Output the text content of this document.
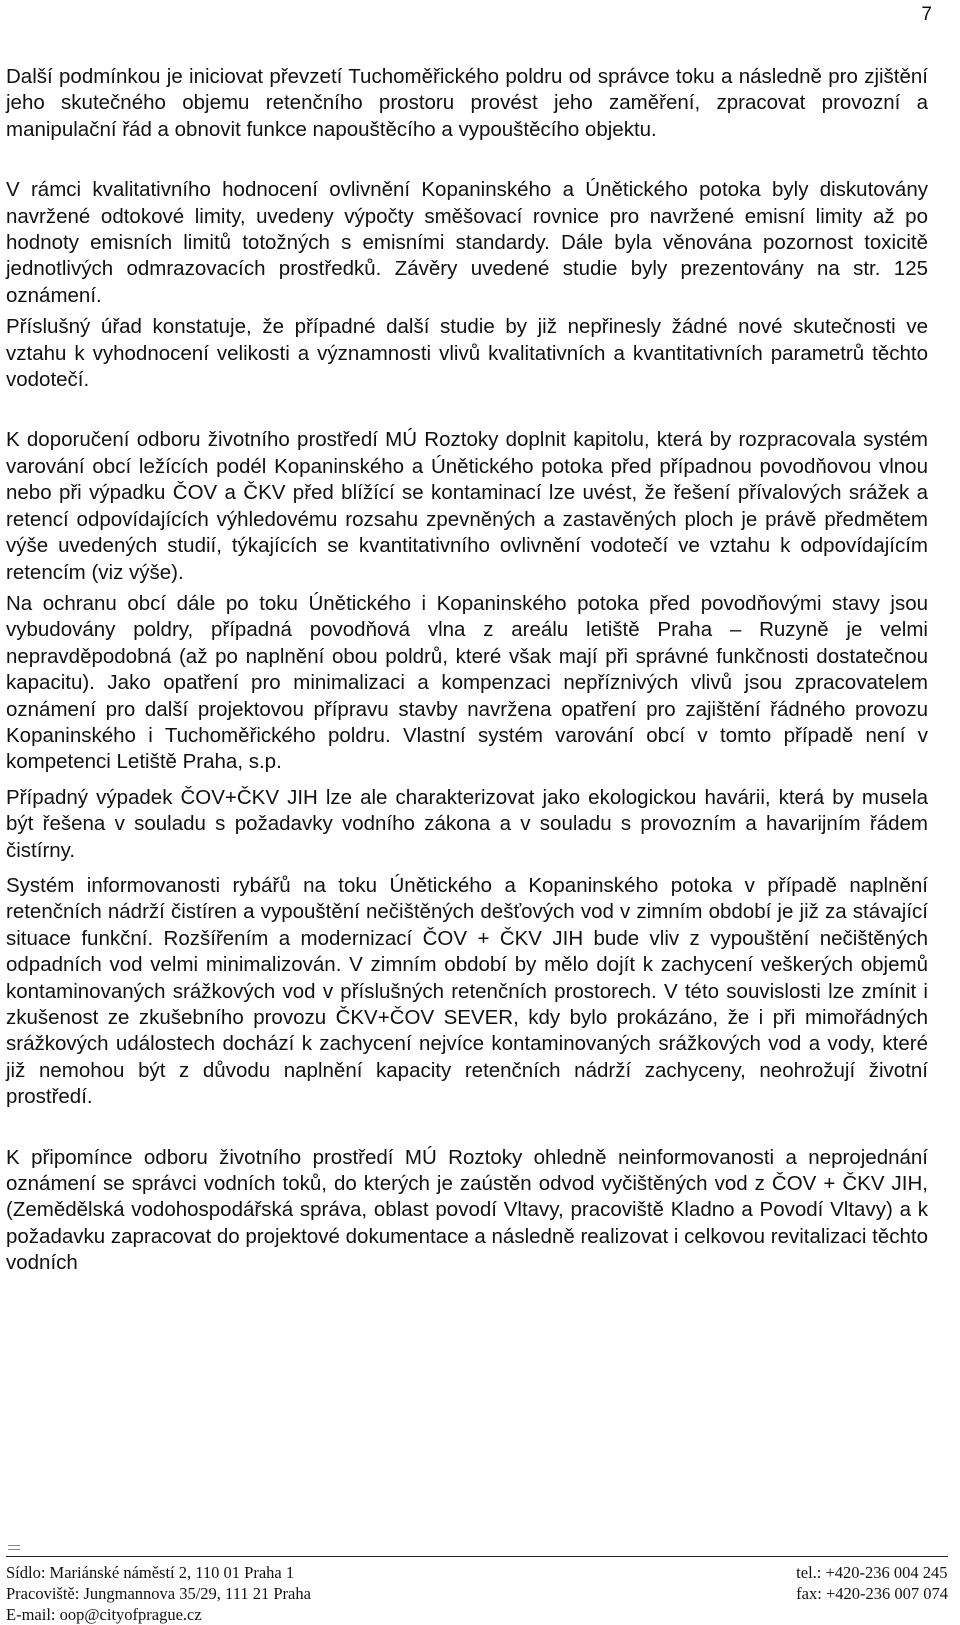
7

Další podmínkou je iniciovat převzetí Tuchoměřického poldru od správce toku a následně pro zjištění jeho skutečného objemu retenčního prostoru provést jeho zaměření, zpracovat provozní a manipulační řád a obnovit funkce napouštěcího a vypouštěcího objektu.

V rámci kvalitativního hodnocení ovlivnění Kopaninského a Únětického potoka byly diskutovány navržené odtokové limity, uvedeny výpočty směšovací rovnice pro navržené emisní limity až po hodnoty emisních limitů totožných s emisními standardy. Dále byla věnována pozornost toxicitě jednotlivých odmrazovacích prostředků. Závěry uvedené studie byly prezentovány na str. 125 oznámení.

Příslušný úřad konstatuje, že případné další studie by již nepřinesly žádné nové skutečnosti ve vztahu k vyhodnocení velikosti a významnosti vlivů kvalitativních a kvantitativních parametrů těchto vodotečí.

K doporučení odboru životního prostředí MÚ Roztoky doplnit kapitolu, která by rozpracovala systém varování obcí ležících podél Kopaninského a Únětického potoka před případnou povodňovou vlnou nebo při výpadku ČOV a ČKV před blížící se kontaminací lze uvést, že řešení přívalových srážek a retencí odpovídajících výhledovému rozsahu zpevněných a zastavěných ploch je právě předmětem výše uvedených studií, týkajících se kvantitativního ovlivnění vodotečí ve vztahu k odpovídajícím retencím (viz výše).

Na ochranu obcí dále po toku Únětického i Kopaninského potoka před povodňovými stavy jsou vybudovány poldry, případná povodňová vlna z areálu letiště Praha – Ruzyně je velmi nepravděpodobná (až po naplnění obou poldrů, které však mají při správné funkčnosti dostatečnou kapacitu). Jako opatření pro minimalizaci a kompenzaci nepříznivých vlivů jsou zpracovatelem oznámení pro další projektovou přípravu stavby navržena opatření pro zajištění řádného provozu Kopaninského i Tuchoměřického poldru. Vlastní systém varování obcí v tomto případě není v kompetenci Letiště Praha, s.p.

Případný výpadek ČOV+ČKV JIH lze ale charakterizovat jako ekologickou havárii, která by musela být řešena v souladu s požadavky vodního zákona a v souladu s provozním a havarijním řádem čistírny.

Systém informovanosti rybářů na toku Únětického a Kopaninského potoka v případě naplnění retenčních nádrží čistíren a vypouštění nečištěných dešťových vod v zimním období je již za stávající situace funkční. Rozšířením a modernizací ČOV + ČKV JIH bude vliv z vypouštění nečištěných odpadních vod velmi minimalizován. V zimním období by mělo dojít k zachycení veškerých objemů kontaminovaných srážkových vod v příslušných retenčních prostorech. V této souvislosti lze zmínit i zkušenost ze zkušebního provozu ČKV+ČOV SEVER, kdy bylo prokázáno, že i při mimořádných srážkových událostech dochází k zachycení nejvíce kontaminovaných srážkových vod a vody, které již nemohou být z důvodu naplnění kapacity retenčních nádrží zachyceny, neohrožují životní prostředí.

K připomínce odboru životního prostředí MÚ Roztoky ohledně neinformovanosti a neprojednání oznámení se správci vodních toků, do kterých je zaústěn odvod vyčištěných vod z ČOV + ČKV JIH, (Zemědělská vodohospodářská správa, oblast povodí Vltavy, pracoviště Kladno a Povodí Vltavy) a k požadavku zapracovat do projektové dokumentace a následně realizovat i celkovou revitalizaci těchto vodních

Sídlo: Mariánské náměstí 2, 110 01 Praha 1
Pracoviště: Jungmannova 35/29, 111 21 Praha
E-mail: oop@cityofprague.cz
tel.: +420-236 004 245
fax: +420-236 007 074
